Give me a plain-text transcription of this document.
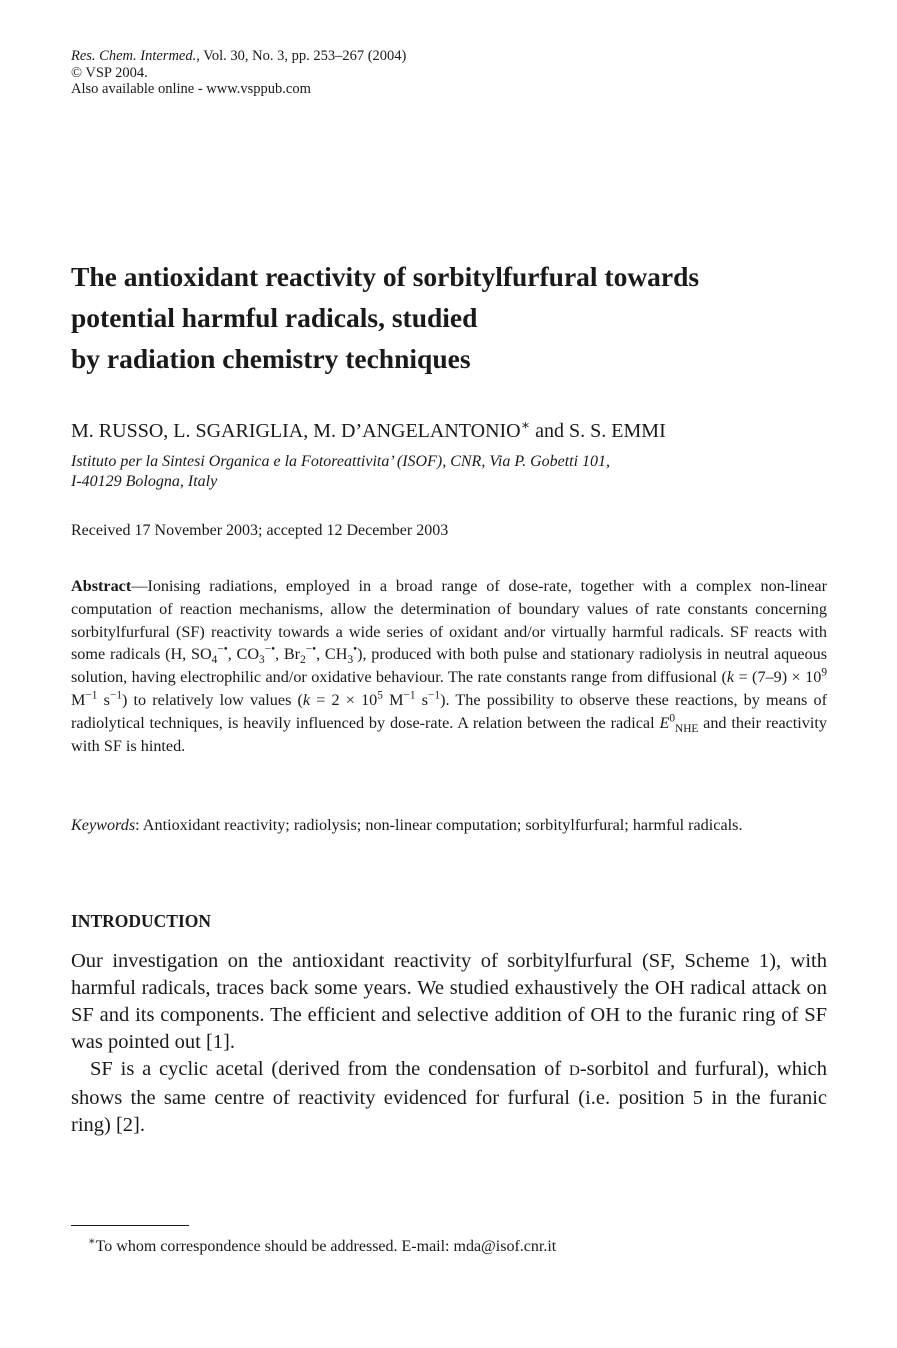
Res. Chem. Intermed., Vol. 30, No. 3, pp. 253–267 (2004)
© VSP 2004.
Also available online - www.vsppub.com
The antioxidant reactivity of sorbitylfurfural towards
potential harmful radicals, studied
by radiation chemistry techniques
M. RUSSO, L. SGARIGLIA, M. D’ANGELANTONIO∗ and S. S. EMMI
Istituto per la Sintesi Organica e la Fotoreattivita’ (ISOF), CNR, Via P. Gobetti 101,
I-40129 Bologna, Italy
Received 17 November 2003; accepted 12 December 2003
Abstract—Ionising radiations, employed in a broad range of dose-rate, together with a complex non-linear computation of reaction mechanisms, allow the determination of boundary values of rate constants concerning sorbitylfurfural (SF) reactivity towards a wide series of oxidant and/or virtually harmful radicals. SF reacts with some radicals (H, $SO_4^{-•}$, $CO_3^{-•}$, $Br_2^{-•}$, $CH_3^•$), produced with both pulse and stationary radiolysis in neutral aqueous solution, having electrophilic and/or oxidative behaviour. The rate constants range from diffusional ($k = (7-9) \times 10^9$ $M^{-1}$ $s^{-1}$) to relatively low values ($k = 2 \times 10^5$ $M^{-1}$ $s^{-1}$). The possibility to observe these reactions, by means of radiolytical techniques, is heavily influenced by dose-rate. A relation between the radical $E^0_{NHE}$ and their reactivity with SF is hinted.
Keywords: Antioxidant reactivity; radiolysis; non-linear computation; sorbitylfurfural; harmful radicals.
INTRODUCTION

Our investigation on the antioxidant reactivity of sorbitylfurfural (SF, Scheme 1), with harmful radicals, traces back some years. We studied exhaustively the OH radical attack on SF and its components. The efficient and selective addition of OH to the furanic ring of SF was pointed out [1].

SF is a cyclic acetal (derived from the condensation of D-sorbitol and furfural), which shows the same centre of reactivity evidenced for furfural (i.e. position 5 in the furanic ring) [2].

∗To whom correspondence should be addressed. E-mail: mda@isof.cnr.it
